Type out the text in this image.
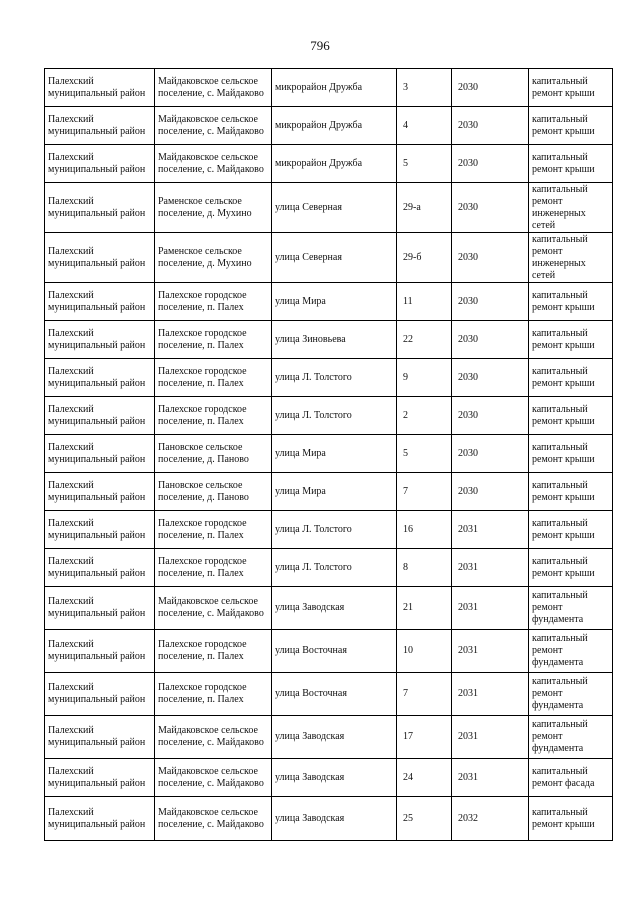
796
Палехский муниципальный район	Майдаковское сельское поселение, с. Майдаково	микрорайон Дружба	3	2030	капитальный ремонт крыши
Палехский муниципальный район	Майдаковское сельское поселение, с. Майдаково	микрорайон Дружба	4	2030	капитальный ремонт крыши
Палехский муниципальный район	Майдаковское сельское поселение, с. Майдаково	микрорайон Дружба	5	2030	капитальный ремонт крыши
Палехский муниципальный район	Раменское сельское поселение, д. Мухино	улица Северная	29-а	2030	капитальный ремонт инженерных сетей
Палехский муниципальный район	Раменское сельское поселение, д. Мухино	улица Северная	29-б	2030	капитальный ремонт инженерных сетей
Палехский муниципальный район	Палехское городское поселение, п. Палех	улица Мира	11	2030	капитальный ремонт крыши
Палехский муниципальный район	Палехское городское поселение, п. Палех	улица Зиновьева	22	2030	капитальный ремонт крыши
Палехский муниципальный район	Палехское городское поселение, п. Палех	улица Л. Толстого	9	2030	капитальный ремонт крыши
Палехский муниципальный район	Палехское городское поселение, п. Палех	улица Л. Толстого	2	2030	капитальный ремонт крыши
Палехский муниципальный район	Пановское сельское поселение, д. Паново	улица Мира	5	2030	капитальный ремонт крыши
Палехский муниципальный район	Пановское сельское поселение, д. Паново	улица Мира	7	2030	капитальный ремонт крыши
Палехский муниципальный район	Палехское городское поселение, п. Палех	улица Л. Толстого	16	2031	капитальный ремонт крыши
Палехский муниципальный район	Палехское городское поселение, п. Палех	улица Л. Толстого	8	2031	капитальный ремонт крыши
Палехский муниципальный район	Майдаковское сельское поселение, с. Майдаково	улица Заводская	21	2031	капитальный ремонт фундамента
Палехский муниципальный район	Палехское городское поселение, п. Палех	улица Восточная	10	2031	капитальный ремонт фундамента
Палехский муниципальный район	Палехское городское поселение, п. Палех	улица Восточная	7	2031	капитальный ремонт фундамента
Палехский муниципальный район	Майдаковское сельское поселение, с. Майдаково	улица Заводская	17	2031	капитальный ремонт фундамента
Палехский муниципальный район	Майдаковское сельское поселение, с. Майдаково	улица Заводская	24	2031	капитальный ремонт фасада
Палехский муниципальный район	Майдаковское сельское поселение, с. Майдаково	улица Заводская	25	2032	капитальный ремонт крыши
